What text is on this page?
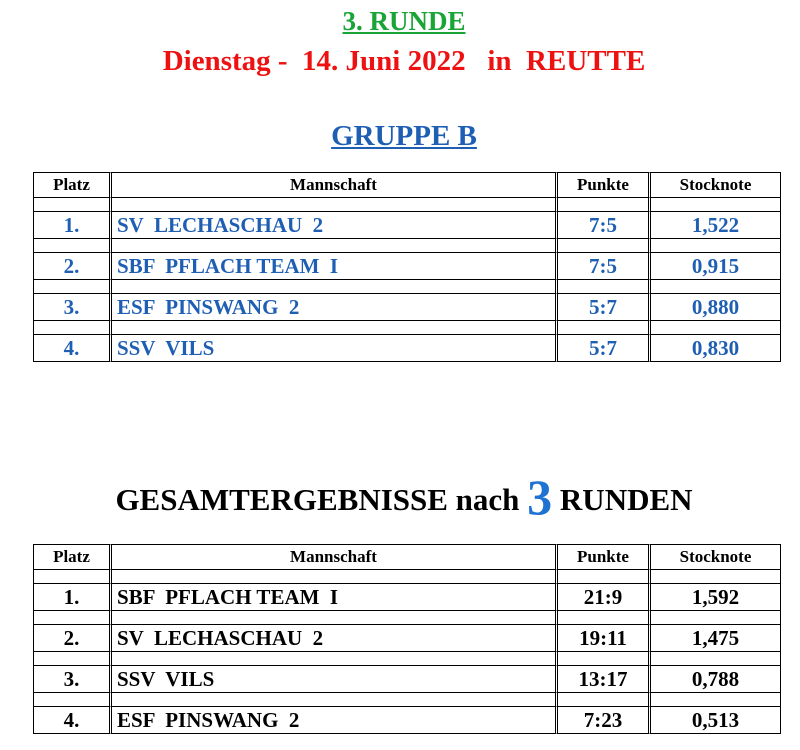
3. RUNDE
Dienstag -  14. Juni 2022   in  REUTTE
GRUPPE B
Platz	Mannschaft	Punkte	Stocknote

1.	SV  LECHASCHAU  2	7:5	1,522

2.	SBF  PFLACH TEAM  I	7:5	0,915

3.	ESF  PINSWANG  2	5:7	0,880

4.	SSV  VILS	5:7	0,830
GESAMTERGEBNISSE nach 3 RUNDEN
Platz	Mannschaft	Punkte	Stocknote

1.	SBF  PFLACH TEAM  I	21:9	1,592

2.	SV  LECHASCHAU  2	19:11	1,475

3.	SSV  VILS	13:17	0,788

4.	ESF  PINSWANG  2	7:23	0,513
